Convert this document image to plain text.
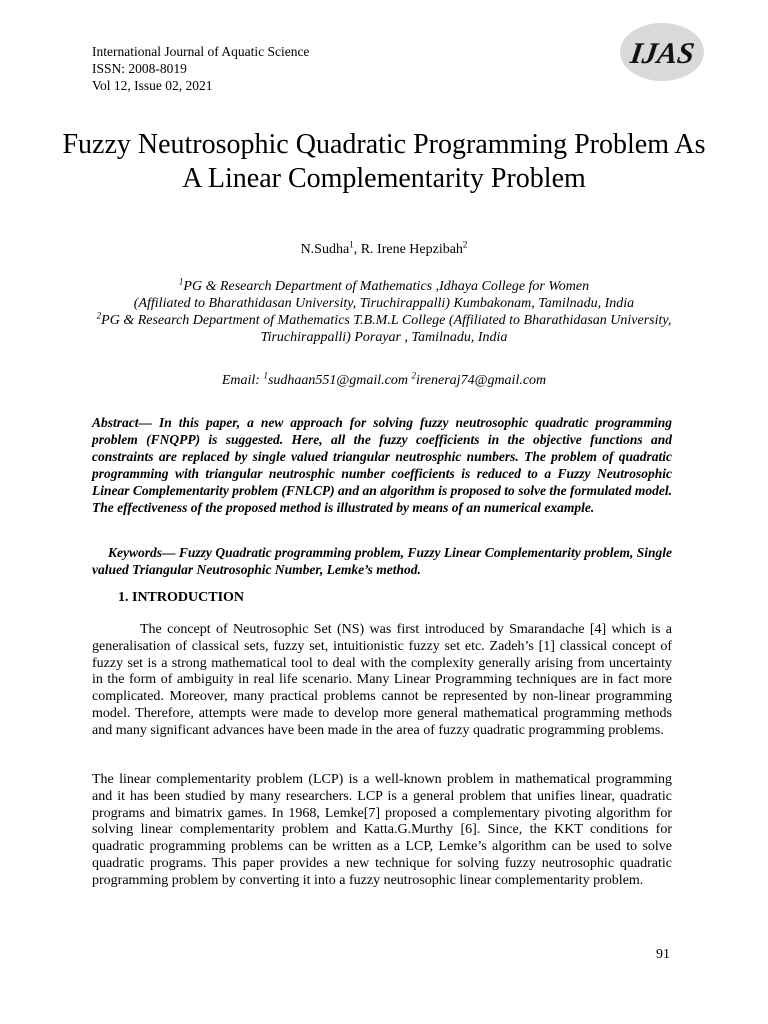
International Journal of Aquatic Science
ISSN: 2008-8019
Vol 12, Issue 02, 2021
IJAS
Fuzzy Neutrosophic Quadratic Programming Problem As A Linear Complementarity Problem
N.Sudha$^1$, R. Irene Hepzibah$^2$
$^1$PG & Research Department of Mathematics ,Idhaya College for Women
(Affiliated to Bharathidasan University, Tiruchirappalli) Kumbakonam, Tamilnadu, India
$^2$PG & Research Department of Mathematics T.B.M.L College (Affiliated to Bharathidasan University, Tiruchirappalli) Porayar , Tamilnadu, India
Email: $^1$sudhaan551@gmail.com $^2$ireneraj74@gmail.com
Abstract— In this paper, a new approach for solving fuzzy neutrosophic quadratic programming problem (FNQPP) is suggested. Here, all the fuzzy coefficients in the objective functions and constraints are replaced by single valued triangular neutrosphic numbers. The problem of quadratic programming with triangular neutrosphic number coefficients is reduced to a Fuzzy Neutrosophic Linear Complementarity problem (FNLCP) and an algorithm is proposed to solve the formulated model. The effectiveness of the proposed method is illustrated by means of an numerical example.
Keywords— Fuzzy Quadratic programming problem, Fuzzy Linear Complementarity problem, Single valued Triangular Neutrosophic Number, Lemke’s method.
1. INTRODUCTION
The concept of Neutrosophic Set (NS) was first introduced by Smarandache [4] which is a generalisation of classical sets, fuzzy set, intuitionistic fuzzy set etc. Zadeh’s [1] classical concept of fuzzy set is a strong mathematical tool to deal with the complexity generally arising from uncertainty in the form of ambiguity in real life scenario. Many Linear Programming techniques are in fact more complicated. Moreover, many practical problems cannot be represented by non-linear programming model. Therefore, attempts were made to develop more general mathematical programming methods and many significant advances have been made in the area of fuzzy quadratic programming problems.
The linear complementarity problem (LCP) is a well-known problem in mathematical programming and it has been studied by many researchers. LCP is a general problem that unifies linear, quadratic programs and bimatrix games. In 1968, Lemke[7] proposed a complementary pivoting algorithm for solving linear complementarity problem and Katta.G.Murthy [6]. Since, the KKT conditions for quadratic programming problems can be written as a LCP, Lemke’s algorithm can be used to solve quadratic programs. This paper provides a new technique for solving fuzzy neutrosophic quadratic programming problem by converting it into a fuzzy neutrosophic linear complementarity problem.
91
